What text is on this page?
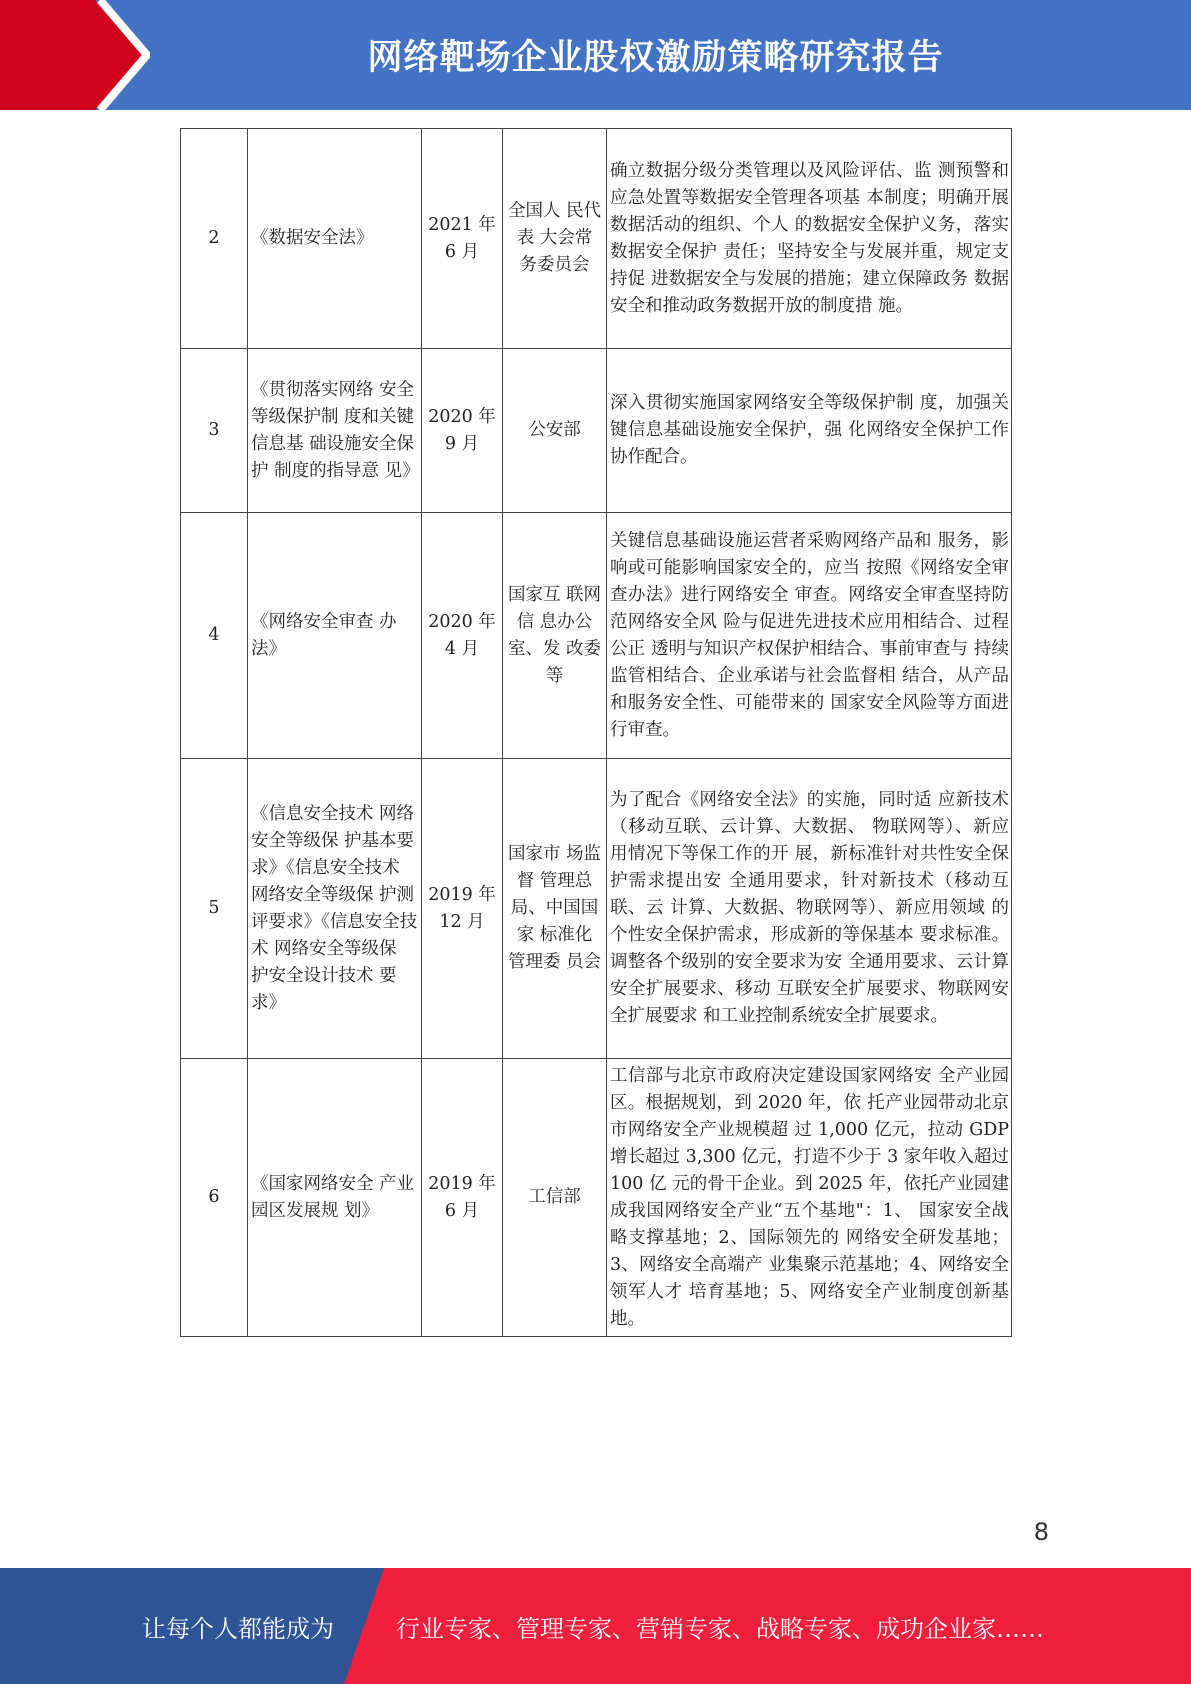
网络靶场企业股权激励策略研究报告
2	《数据安全法》	2021 年 6 月	全国人 民代表 大会常 务委员会	确立数据分级分类管理以及风险评估、监 测预警和应急处置等数据安全管理各项基 本制度；明确开展数据活动的组织、个人 的数据安全保护义务，落实数据安全保护 责任；坚持安全与发展并重，规定支持促 进数据安全与发展的措施；建立保障政务 数据安全和推动政务数据开放的制度措 施。
3	《贯彻落实网络 安全等级保护制 度和关键信息基 础设施安全保护 制度的指导意 见》	2020 年 9 月	公安部	深入贯彻实施国家网络安全等级保护制 度，加强关键信息基础设施安全保护，强 化网络安全保护工作协作配合。
4	《网络安全审查 办法》	2020 年 4 月	国家互 联网信 息办公 室、发 改委等	关键信息基础设施运营者采购网络产品和 服务，影响或可能影响国家安全的，应当 按照《网络安全审查办法》进行网络安全 审查。网络安全审查坚持防范网络安全风 险与促进先进技术应用相结合、过程公正 透明与知识产权保护相结合、事前审查与 持续监管相结合、企业承诺与社会监督相 结合，从产品和服务安全性、可能带来的 国家安全风险等方面进行审查。
5	《信息安全技术 网络安全等级保 护基本要求》《信息安全技术 网络安全等级保 护测评要求》《信息安全技术 网络安全等级保 护安全设计技术 要求》	2019 年 12 月	国家市 场监督 管理总 局、中国国家 标准化 管理委 员会	为了配合《网络安全法》的实施，同时适 应新技术（移动互联、云计算、大数据、 物联网等）、新应用情况下等保工作的开 展，新标准针对共性安全保护需求提出安 全通用要求，针对新技术（移动互联、云 计算、大数据、物联网等）、新应用领域 的个性安全保护需求，形成新的等保基本 要求标准。调整各个级别的安全要求为安 全通用要求、云计算安全扩展要求、移动 互联安全扩展要求、物联网安全扩展要求 和工业控制系统安全扩展要求。
6	《国家网络安全 产业园区发展规 划》	2019 年 6 月	工信部	工信部与北京市政府决定建设国家网络安 全产业园区。根据规划，到 2020 年，依 托产业园带动北京市网络安全产业规模超 过 1,000 亿元，拉动 GDP 增长超过 3,300 亿元，打造不少于 3 家年收入超过 100 亿 元的骨干企业。到 2025 年，依托产业园建成我国网络安全产业“五个基地"：1、 国家安全战略支撑基地；2、国际领先的 网络安全研发基地；3、网络安全高端产 业集聚示范基地；4、网络安全领军人才 培育基地；5、网络安全产业制度创新基地。
8
让每个人都能成为	行业专家、管理专家、营销专家、战略专家、成功企业家……
